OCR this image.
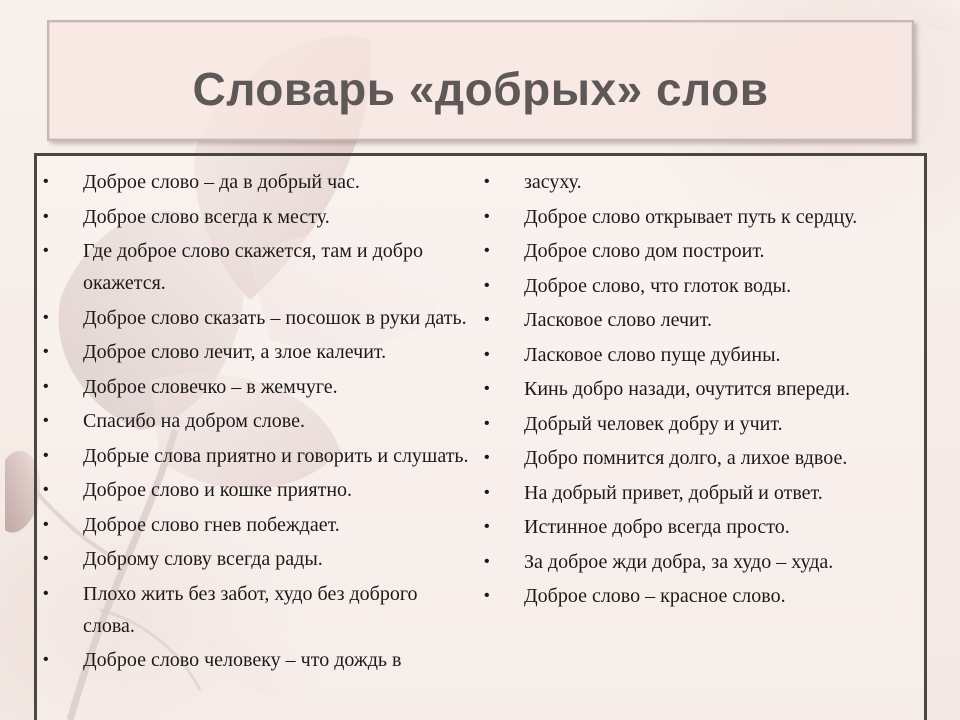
Словарь «добрых» слов
• Доброе слово – да в добрый час.
• Доброе слово всегда к месту.
• Где доброе слово скажется, там и добро окажется.
• Доброе слово сказать – посошок в руки дать.
• Доброе слово лечит, а злое калечит.
• Доброе словечко – в жемчуге.
• Спасибо на добром слове.
• Добрые слова приятно и говорить и слушать.
• Доброе слово и кошке приятно.
• Доброе слово гнев побеждает.
• Доброму слову всегда рады.
• Плохо жить без забот, худо без доброго слова.
• Доброе слово человеку – что дождь в
• засуху.
• Доброе слово открывает путь к сердцу.
• Доброе слово дом построит.
• Доброе слово, что глоток воды.
• Ласковое слово лечит.
• Ласковое слово пуще дубины.
• Кинь добро назади, очутится впереди.
• Добрый человек добру и учит.
• Добро помнится долго, а лихое вдвое.
• На добрый привет, добрый и ответ.
• Истинное добро всегда просто.
• За доброе жди добра, за худо – худа.
• Доброе слово – красное слово.
